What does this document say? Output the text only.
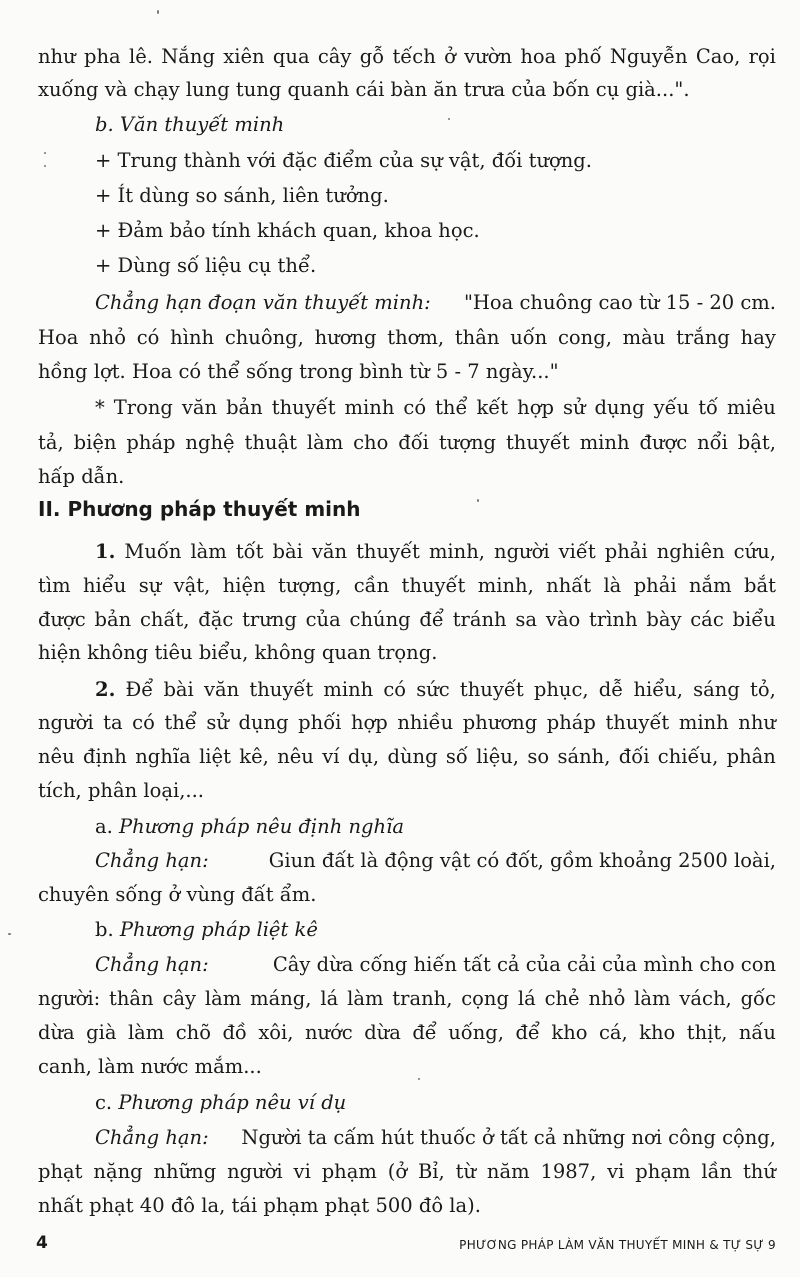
như pha lê. Nắng xiên qua cây gỗ tếch ở vườn hoa phố Nguyễn Cao, rọi
xuống và chạy lung tung quanh cái bàn ăn trưa của bốn cụ già...".
b. Văn thuyết minh
+ Trung thành với đặc điểm của sự vật, đối tượng.
+ Ít dùng so sánh, liên tưởng.
+ Đảm bảo tính khách quan, khoa học.
+ Dùng số liệu cụ thể.
Chẳng hạn đoạn văn thuyết minh: "Hoa chuông cao từ 15 - 20 cm.
Hoa nhỏ có hình chuông, hương thơm, thân uốn cong, màu trắng hay
hồng lợt. Hoa có thể sống trong bình từ 5 - 7 ngày..."
* Trong văn bản thuyết minh có thể kết hợp sử dụng yếu tố miêu
tả, biện pháp nghệ thuật làm cho đối tượng thuyết minh được nổi bật,
hấp dẫn.
II. Phương pháp thuyết minh
1. Muốn làm tốt bài văn thuyết minh, người viết phải nghiên cứu,
tìm hiểu sự vật, hiện tượng, cần thuyết minh, nhất là phải nắm bắt
được bản chất, đặc trưng của chúng để tránh sa vào trình bày các biểu
hiện không tiêu biểu, không quan trọng.
2. Để bài văn thuyết minh có sức thuyết phục, dễ hiểu, sáng tỏ,
người ta có thể sử dụng phối hợp nhiều phương pháp thuyết minh như
nêu định nghĩa liệt kê, nêu ví dụ, dùng số liệu, so sánh, đối chiếu, phân
tích, phân loại,...
a. Phương pháp nêu định nghĩa
Chẳng hạn:	Giun đất là động vật có đốt, gồm khoảng 2500 loài,
chuyên sống ở vùng đất ẩm.
b. Phương pháp liệt kê
Chẳng hạn:	Cây dừa cống hiến tất cả của cải của mình cho con
người: thân cây làm máng, lá làm tranh, cọng lá chẻ nhỏ làm vách, gốc
dừa già làm chõ đồ xôi, nước dừa để uống, để kho cá, kho thịt, nấu
canh, làm nước mắm...
c. Phương pháp nêu ví dụ
Chẳng hạn: Người ta cấm hút thuốc ở tất cả những nơi công cộng,
phạt nặng những người vi phạm (ở Bỉ, từ năm 1987, vi phạm lần thứ
nhất phạt 40 đô la, tái phạm phạt 500 đô la).
4	PHƯƠNG PHÁP LÀM VĂN THUYẾT MINH & TỰ SỰ 9
